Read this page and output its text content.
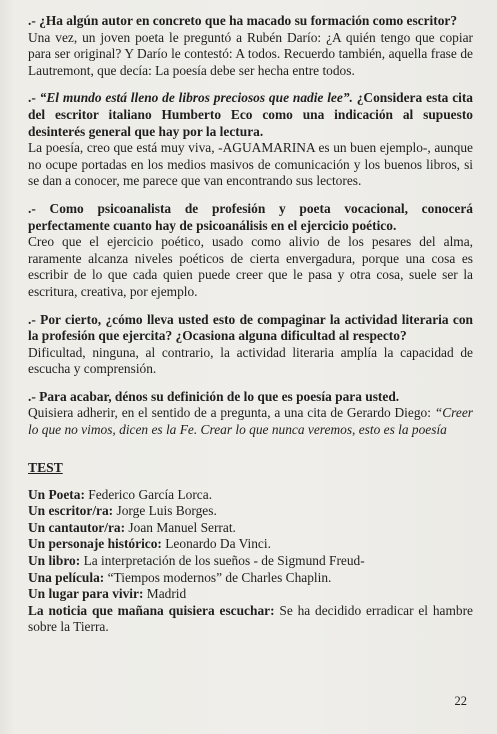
.- ¿Ha algún autor en concreto que ha macado su formación como escritor?

Una vez, un joven poeta le preguntó a Rubén Darío: ¿A quién tengo que copiar para ser original? Y Darío le contestó: A todos. Recuerdo también, aquella frase de Lautremont, que decía: La poesía debe ser hecha entre todos.

.- “El mundo está lleno de libros preciosos que nadie lee”. ¿Considera esta cita del escritor italiano Humberto Eco como una indicación al supuesto desinterés general que hay por la lectura.

La poesía, creo que está muy viva, -AGUAMARINA es un buen ejemplo-, aunque no ocupe portadas en los medios masivos de comunicación y los buenos libros, si se dan a conocer, me parece que van encontrando sus lectores.

.- Como psicoanalista de profesión y poeta vocacional, conocerá perfectamente cuanto hay de psicoanálisis en el ejercicio poético.

Creo que el ejercicio poético, usado como alivio de los pesares del alma, raramente alcanza niveles poéticos de cierta envergadura, porque una cosa es escribir de lo que cada quien puede creer que le pasa y otra cosa, suele ser la escritura, creativa, por ejemplo.

.- Por cierto, ¿cómo lleva usted esto de compaginar la actividad literaria con la profesión que ejercita? ¿Ocasiona alguna dificultad al respecto?

Dificultad, ninguna, al contrario, la actividad literaria amplía la capacidad de escucha y comprensión.

.- Para acabar, dénos su definición de lo que es poesía para usted.

Quisiera adherir, en el sentido de a pregunta, a una cita de Gerardo Diego: “Creer lo que no vimos, dicen es la Fe. Crear lo que nunca veremos, esto es la poesía

TEST

Un Poeta: Federico García Lorca.

Un escritor/ra: Jorge Luis Borges.

Un cantautor/ra: Joan Manuel Serrat.

Un personaje histórico: Leonardo Da Vinci.

Un libro: La interpretación de los sueños - de Sigmund Freud-

Una película: “Tiempos modernos” de Charles Chaplin.

Un lugar para vivir: Madrid

La noticia que mañana quisiera escuchar: Se ha decidido erradicar el hambre sobre la Tierra.

22
